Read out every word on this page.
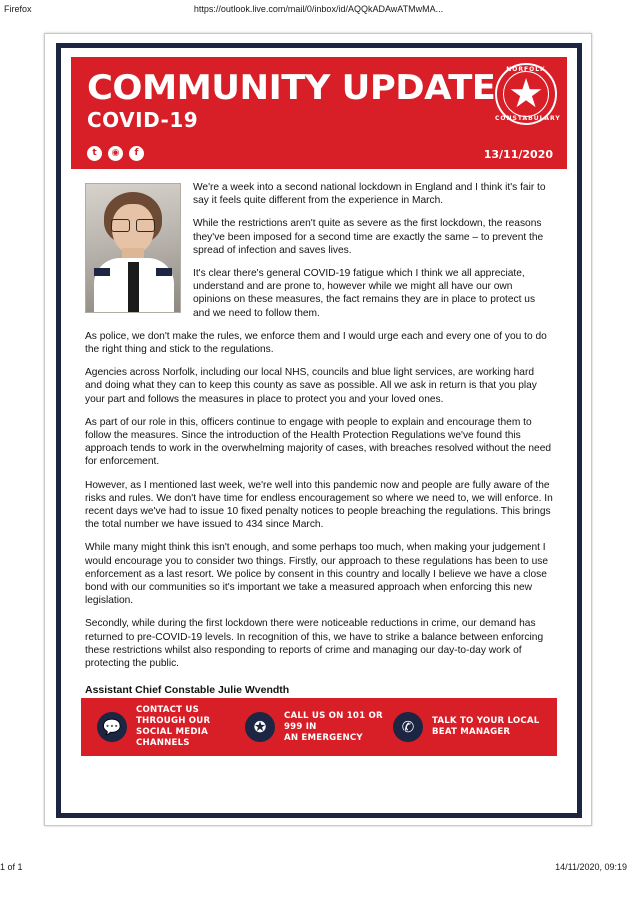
Firefox	https://outlook.live.com/mail/0/inbox/id/AQQkADAwATMwMA...
COMMUNITY UPDATE
COVID-19
t	◉	f	13/11/2020
★
NORFOLK
CONSTABULARY

We're a week into a second national lockdown in England and I think it's fair to say it feels quite different from the experience in March.

While the restrictions aren't quite as severe as the first lockdown, the reasons they've been imposed for a second time are exactly the same – to prevent the spread of infection and saves lives.

It's clear there's general COVID-19 fatigue which I think we all appreciate, understand and are prone to, however while we might all have our own opinions on these measures, the fact remains they are in place to protect us and we need to follow them.

As police, we don't make the rules, we enforce them and I would urge each and every one of you to do the right thing and stick to the regulations.

Agencies across Norfolk, including our local NHS, councils and blue light services, are working hard and doing what they can to keep this county as save as possible. All we ask in return is that you play your part and follows the measures in place to protect you and your loved ones.

As part of our role in this, officers continue to engage with people to explain and encourage them to follow the measures. Since the introduction of the Health Protection Regulations we've found this approach tends to work in the overwhelming majority of cases, with breaches resolved without the need for enforcement.

However, as I mentioned last week, we're well into this pandemic now and people are fully aware of the risks and rules. We don't have time for endless encouragement so where we need to, we will enforce. In recent days we've had to issue 10 fixed penalty notices to people breaching the regulations. This brings the total number we have issued to 434 since March.

While many might think this isn't enough, and some perhaps too much, when making your judgement I would encourage you to consider two things. Firstly, our approach to these regulations has been to use enforcement as a last resort. We police by consent in this country and locally I believe we have a close bond with our communities so it's important we take a measured approach when enforcing this new legislation.

Secondly, while during the first lockdown there were noticeable reductions in crime, our demand has returned to pre-COVID-19 levels. In recognition of this, we have to strike a balance between enforcing these restrictions whilst also responding to reports of crime and managing our day-to-day work of protecting the public.

Assistant Chief Constable Julie Wvendth

💬
CONTACT US THROUGH OUR
SOCIAL MEDIA CHANNELS
✪
CALL US ON 101 OR 999 IN
AN EMERGENCY
✆	TALK TO YOUR LOCAL
BEAT MANAGER
1 of 1	14/11/2020, 09:19
